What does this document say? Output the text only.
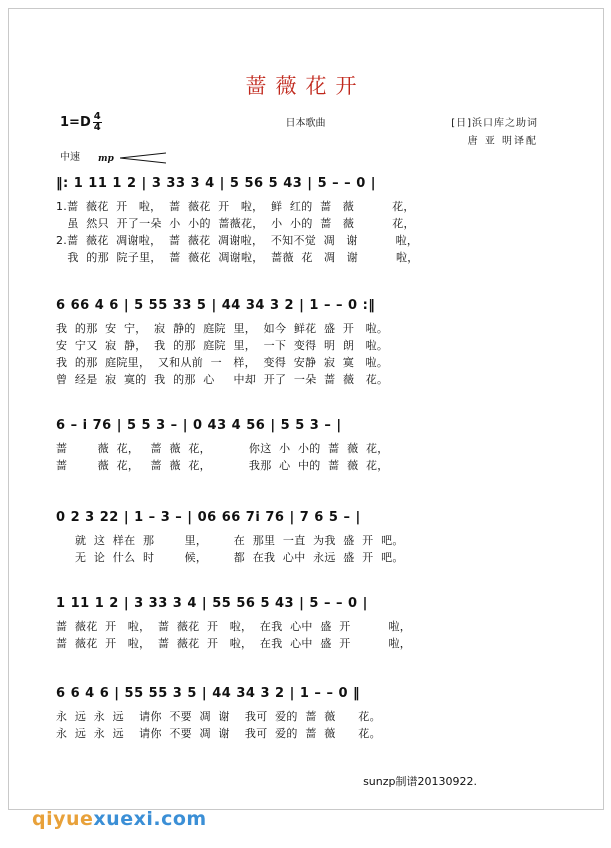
蔷薇花开
$1=D \frac{4}{4}$	日本歌曲	[日]浜口库之助词
唐 亚 明译配
中速 mp
‖: 1 11 1 2 | 3 33 3 4 | 5 56 5 43 | 5 – – 0 |
1.蔷  薇花  开   啦，  蔷  薇花  开   啦，  鲜  红的  蔷   薇          花，
虽  然只  开了一朵  小  小的  蔷薇花，  小  小的  蔷   薇          花，
2.蔷  薇花  凋谢啦，  蔷  薇花  凋谢啦，  不知不觉  凋   谢          啦，
我  的那  院子里，  蔷  薇花  凋谢啦，  蔷薇  花   凋   谢          啦，
6 66 4 6 | 5 55 33 5 | 44 34 3 2 | 1 – – 0 :‖
我  的那  安  宁，  寂  静的  庭院  里，  如今  鲜花  盛  开   啦。
安  宁又  寂  静，  我  的那  庭院  里，  一下  变得  明  朗   啦。
我  的那  庭院里，  又和从前  一   样，  变得  安静  寂  寞   啦。
曾  经是  寂  寞的  我  的那  心     中却  开了  一朵  蔷  薇   花。
6 – i 76 | 5 5 3 – | 0 43 4 56 | 5 5 3 – |
蔷        薇  花，   蔷  薇  花，          你这  小  小的  蔷  薇  花，
蔷        薇  花，   蔷  薇  花，          我那  心  中的  蔷  薇  花，
0 2 3 22 | 1 – 3 – | 06 66 7i 76 | 7 6 5 – |
就  这  样在  那        里，       在  那里  一直  为我  盛  开  吧。
无  论  什么  时        候，       都  在我  心中  永远  盛  开  吧。
1 11 1 2 | 3 33 3 4 | 55 56 5 43 | 5 – – 0 |
蔷  薇花  开   啦，  蔷  薇花  开   啦，  在我  心中  盛  开          啦，
蔷  薇花  开   啦，  蔷  薇花  开   啦，  在我  心中  盛  开          啦，
6 6 4 6 | 55 55 3 5 | 44 34 3 2 | 1 – – 0 ‖
永  远  永  远    请你  不要  凋  谢    我可  爱的  蔷  薇      花。
永  远  永  远    请你  不要  凋  谢    我可  爱的  蔷  薇      花。
sunzp制谱20130922.
qiyuexuexi.com
